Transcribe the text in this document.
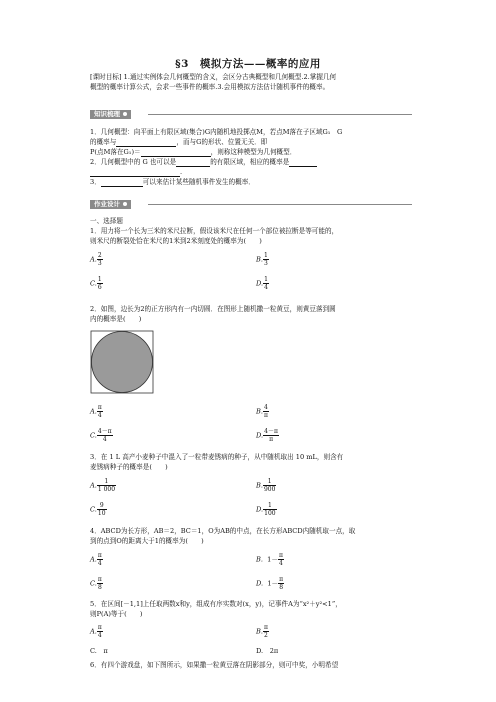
§3　模拟方法——概率的应用
[课时目标] 1.通过实例体会几何概型的含义，会区分古典概型和几何概型.2.掌握几何
概型的概率计算公式，会求一些事件的概率.3.会用模拟方法估计随机事件的概率。
知识梳理
1．几何概型：向平面上有限区域(集合)G内随机地投掷点M，若点M落在子区域G₁　G
的概率与	，而与G的形状、位置无关．即
P(点M落在G₁)＝	，则称这种模型为几何概型．
2．几何概型中的 G 也可以是	的有限区域，相应的概率是
.
3．	可以来估计某些随机事件发生的概率．
作业设计
一、选择题
1．用力将一个长为三米的米尺拉断，假设该米尺在任何一个部位被拉断是等可能的，
则米尺的断裂处恰在米尺的1米到2米刻度处的概率为(　　)
A. $\frac{2}{3}$	B. $\frac{1}{3}$
C. $\frac{1}{6}$	D. $\frac{1}{4}$
2．如图，边长为2的正方形内有一内切圆．在图形上随机撒一粒黄豆，则黄豆落到圆
内的概率是(　　)
A. $\frac{\pi}{4}$	B. $\frac{4}{\pi}$
C. $\frac{4-\pi}{4}$	D. $\frac{4-\pi}{\pi}$
3．在 1 L 高产小麦种子中混入了一粒带麦锈病的种子，从中随机取出 10 mL，则含有
麦锈病种子的概率是(　　)
A. $\frac{1}{1 000}$	B. $\frac{1}{900}$
C. $\frac{9}{10}$	D. $\frac{1}{100}$
4．ABCD为长方形，AB＝2，BC＝1，O为AB的中点，在长方形ABCD内随机取一点，取
到的点到O的距离大于1的概率为(　　)
A. $\frac{\pi}{4}$	B. $1- \frac{\pi}{4}$
C. $\frac{\pi}{8}$	D. $1- \frac{\pi}{8}$
5．在区间[－1,1]上任取两数x和y，组成有序实数对(x，y)，记事件A为“x²＋y²<1”，
则P(A)等于(　　)
A. $\frac{\pi}{4}$	B. $\frac{\pi}{2}$
C.　π	D.　2π
6．有四个游戏盘，如下图所示，如果撒一粒黄豆落在阴影部分，则可中奖，小明希望
